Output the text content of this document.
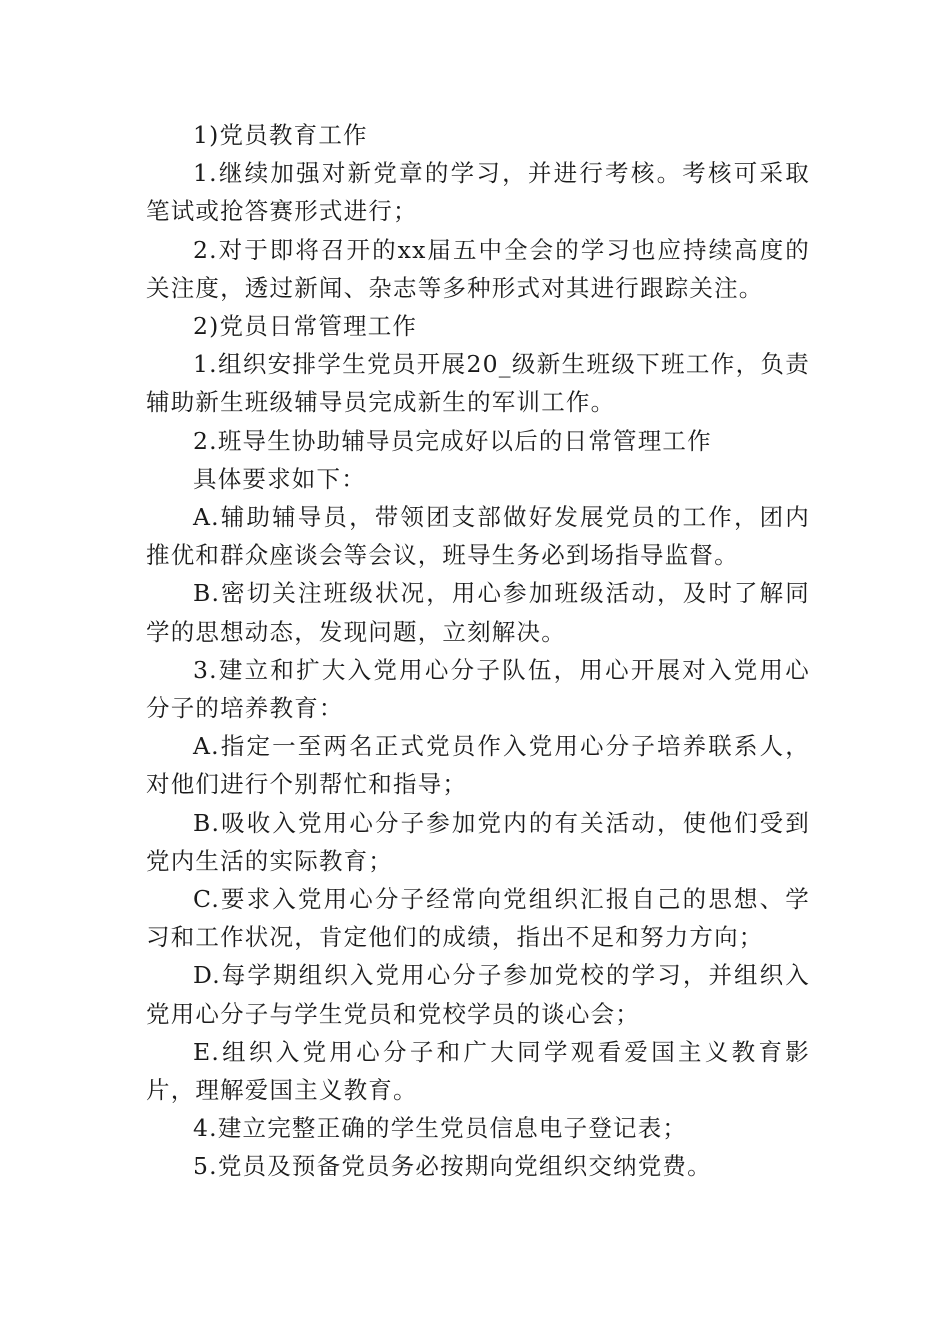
1)党员教育工作

1.继续加强对新党章的学习，并进行考核。考核可采取笔试或抢答赛形式进行；

2.对于即将召开的xx届五中全会的学习也应持续高度的关注度，透过新闻、杂志等多种形式对其进行跟踪关注。

2)党员日常管理工作

1.组织安排学生党员开展20_级新生班级下班工作，负责辅助新生班级辅导员完成新生的军训工作。

2.班导生协助辅导员完成好以后的日常管理工作

具体要求如下：

A.辅助辅导员，带领团支部做好发展党员的工作，团内推优和群众座谈会等会议，班导生务必到场指导监督。

B.密切关注班级状况，用心参加班级活动，及时了解同学的思想动态，发现问题，立刻解决。

3.建立和扩大入党用心分子队伍，用心开展对入党用心分子的培养教育：

A.指定一至两名正式党员作入党用心分子培养联系人，对他们进行个别帮忙和指导；

B.吸收入党用心分子参加党内的有关活动，使他们受到党内生活的实际教育；

C.要求入党用心分子经常向党组织汇报自己的思想、学习和工作状况，肯定他们的成绩，指出不足和努力方向；

D.每学期组织入党用心分子参加党校的学习，并组织入党用心分子与学生党员和党校学员的谈心会；

E.组织入党用心分子和广大同学观看爱国主义教育影片，理解爱国主义教育。

4.建立完整正确的学生党员信息电子登记表；

5.党员及预备党员务必按期向党组织交纳党费。
